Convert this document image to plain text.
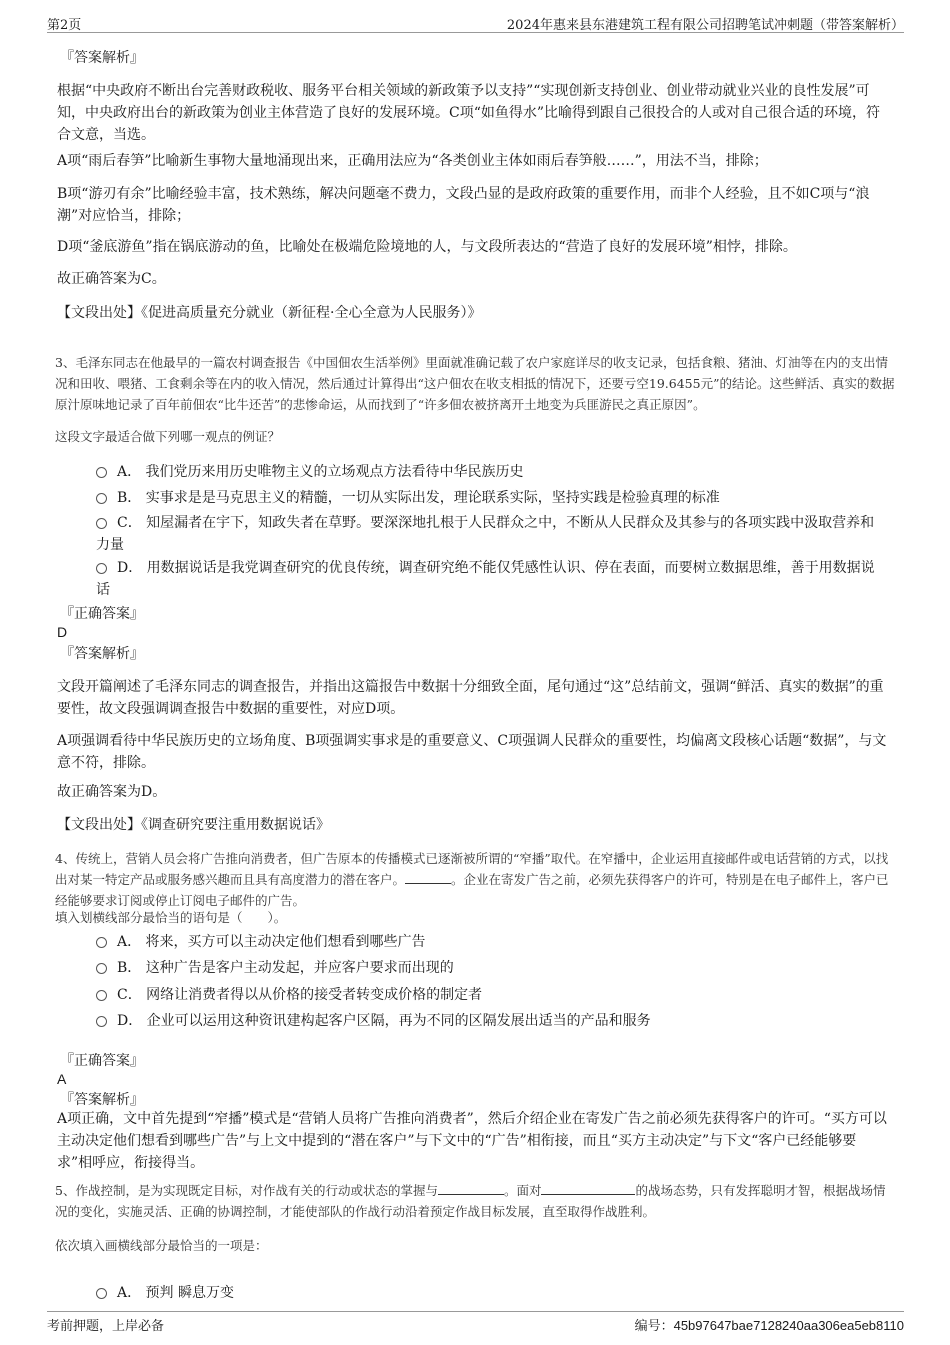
第2页	2024年惠来县东港建筑工程有限公司招聘笔试冲刺题（带答案解析）
『答案解析』
根据“中央政府不断出台完善财政税收、服务平台相关领域的新政策予以支持”“实现创新支持创业、创业带动就业兴业的良性发展”可知，中央政府出台的新政策为创业主体营造了良好的发展环境。C项“如鱼得水”比喻得到跟自己很投合的人或对自己很合适的环境，符合文意，当选。
A项“雨后春笋”比喻新生事物大量地涌现出来，正确用法应为“各类创业主体如雨后春笋般……”，用法不当，排除；
B项“游刃有余”比喻经验丰富，技术熟练，解决问题毫不费力，文段凸显的是政府政策的重要作用，而非个人经验，且不如C项与“浪潮”对应恰当，排除；
D项“釜底游鱼”指在锅底游动的鱼，比喻处在极端危险境地的人，与文段所表达的“营造了良好的发展环境”相悖，排除。
故正确答案为C。
【文段出处】《促进高质量充分就业（新征程·全心全意为人民服务）》
3、毛泽东同志在他最早的一篇农村调查报告《中国佃农生活举例》里面就准确记载了农户家庭详尽的收支记录，包括食粮、猪油、灯油等在内的支出情况和田收、喂猪、工食剩余等在内的收入情况，然后通过计算得出“这户佃农在收支相抵的情况下，还要亏空19.6455元”的结论。这些鲜活、真实的数据原汁原味地记录了百年前佃农“比牛还苦”的悲惨命运，从而找到了“许多佃农被挤离开土地变为兵匪游民之真正原因”。
这段文字最适合做下列哪一观点的例证？
A． 我们党历来用历史唯物主义的立场观点方法看待中华民族历史
B． 实事求是是马克思主义的精髓，一切从实际出发，理论联系实际，坚持实践是检验真理的标准
C． 知屋漏者在宇下，知政失者在草野。要深深地扎根于人民群众之中，不断从人民群众及其参与的各项实践中汲取营养和力量
D． 用数据说话是我党调查研究的优良传统，调查研究绝不能仅凭感性认识、停在表面，而要树立数据思维，善于用数据说话
『正确答案』
D
『答案解析』
文段开篇阐述了毛泽东同志的调查报告，并指出这篇报告中数据十分细致全面，尾句通过“这”总结前文，强调“鲜活、真实的数据”的重要性，故文段强调调查报告中数据的重要性，对应D项。
A项强调看待中华民族历史的立场角度、B项强调实事求是的重要意义、C项强调人民群众的重要性，均偏离文段核心话题“数据”，与文意不符，排除。
故正确答案为D。
【文段出处】《调查研究要注重用数据说话》
4、传统上，营销人员会将广告推向消费者，但广告原本的传播模式已逐渐被所谓的“窄播”取代。在窄播中，企业运用直接邮件或电话营销的方式，以找出对某一特定产品或服务感兴趣而且具有高度潜力的潜在客户。	。企业在寄发广告之前，必须先获得客户的许可，特别是在电子邮件上，客户已经能够要求订阅或停止订阅电子邮件的广告。
填入划横线部分最恰当的语句是（　　）。
A． 将来，买方可以主动决定他们想看到哪些广告
B． 这种广告是客户主动发起，并应客户要求而出现的
C． 网络让消费者得以从价格的接受者转变成价格的制定者
D． 企业可以运用这种资讯建构起客户区隔，再为不同的区隔发展出适当的产品和服务
『正确答案』
A
『答案解析』
A项正确，文中首先提到“窄播”模式是“营销人员将广告推向消费者”，然后介绍企业在寄发广告之前必须先获得客户的许可。“买方可以主动决定他们想看到哪些广告”与上文中提到的“潜在客户”与下文中的“广告”相衔接，而且“买方主动决定”与下文“客户已经能够要求”相呼应，衔接得当。
5、作战控制，是为实现既定目标，对作战有关的行动或状态的掌握与	。面对	的战场态势，只有发挥聪明才智，根据战场情况的变化，实施灵活、正确的协调控制，才能使部队的作战行动沿着预定作战目标发展，直至取得作战胜利。
依次填入画横线部分最恰当的一项是：
A． 预判 瞬息万变
考前押题，上岸必备	编号：45b97647bae7128240aa306ea5eb8110
